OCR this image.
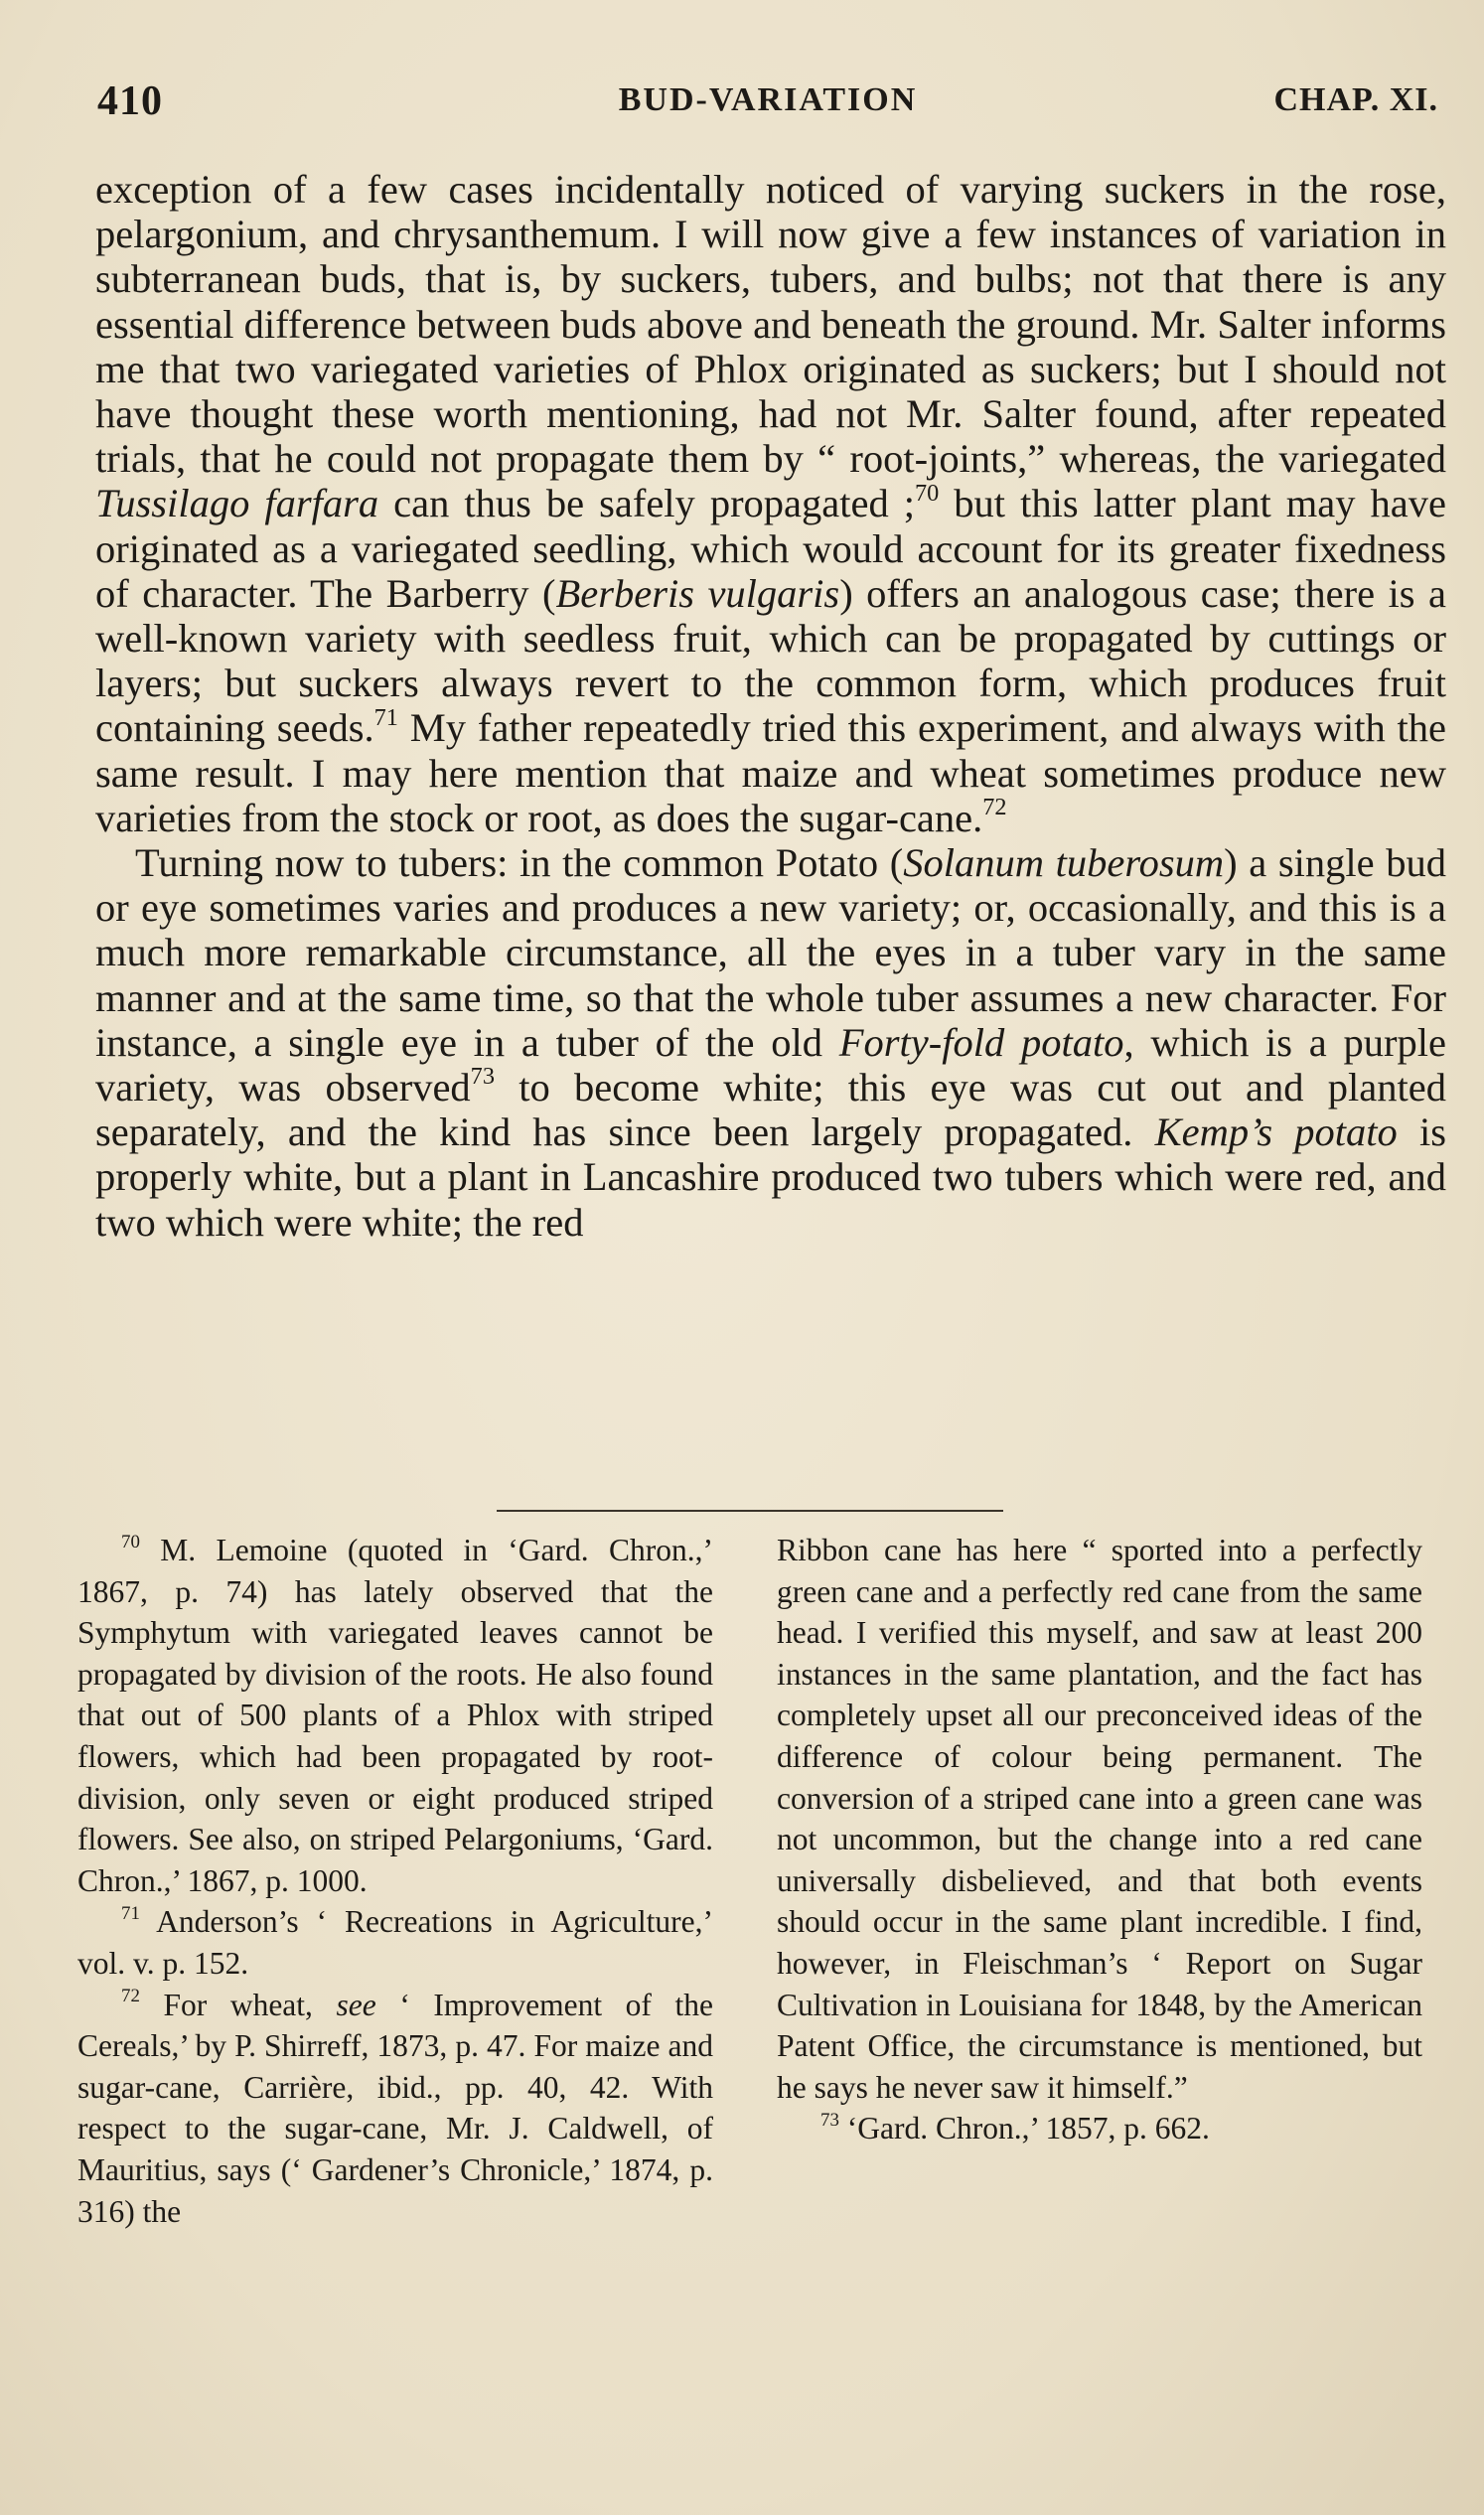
410	BUD-VARIATION	CHAP. XI.

exception of a few cases incidentally noticed of varying suckers in the rose, pelargonium, and chrysanthemum. I will now give a few instances of variation in subterranean buds, that is, by suckers, tubers, and bulbs; not that there is any essential difference between buds above and beneath the ground. Mr. Salter informs me that two variegated varieties of Phlox originated as suckers; but I should not have thought these worth mentioning, had not Mr. Salter found, after repeated trials, that he could not propagate them by “ root-joints,” whereas, the variegated Tussilago farfara can thus be safely propagated ;$^{70}$ but this latter plant may have originated as a variegated seedling, which would account for its greater fixedness of character. The Barberry (Berberis vulgaris) offers an analogous case; there is a well-known variety with seedless fruit, which can be propagated by cuttings or layers; but suckers always revert to the common form, which produces fruit containing seeds.$^{71}$ My father repeatedly tried this experiment, and always with the same result. I may here mention that maize and wheat sometimes produce new varieties from the stock or root, as does the sugar-cane.$^{72}$

Turning now to tubers: in the common Potato (Solanum tuberosum) a single bud or eye sometimes varies and produces a new variety; or, occasionally, and this is a much more remarkable circumstance, all the eyes in a tuber vary in the same manner and at the same time, so that the whole tuber assumes a new character. For instance, a single eye in a tuber of the old Forty-fold potato, which is a purple variety, was observed$^{73}$ to become white; this eye was cut out and planted separately, and the kind has since been largely propagated. Kemp’s potato is properly white, but a plant in Lancashire produced two tubers which were red, and two which were white; the red

$^{70}$ M. Lemoine (quoted in ‘Gard. Chron.,’ 1867, p. 74) has lately observed that the Symphytum with variegated leaves cannot be propagated by division of the roots. He also found that out of 500 plants of a Phlox with striped flowers, which had been propagated by root-division, only seven or eight produced striped flowers. See also, on striped Pelargoniums, ‘Gard. Chron.,’ 1867, p. 1000.

$^{71}$ Anderson’s ‘ Recreations in Agriculture,’ vol. v. p. 152.

$^{72}$ For wheat, see ‘ Improvement of the Cereals,’ by P. Shirreff, 1873, p. 47. For maize and sugar-cane, Carrière, ibid., pp. 40, 42. With respect to the sugar-cane, Mr. J. Caldwell, of Mauritius, says (‘ Gardener’s Chronicle,’ 1874, p. 316) the

Ribbon cane has here “ sported into a perfectly green cane and a perfectly red cane from the same head. I verified this myself, and saw at least 200 instances in the same plantation, and the fact has completely upset all our preconceived ideas of the difference of colour being permanent. The conversion of a striped cane into a green cane was not uncommon, but the change into a red cane universally disbelieved, and that both events should occur in the same plant incredible. I find, however, in Fleischman’s ‘ Report on Sugar Cultivation in Louisiana for 1848, by the American Patent Office, the circumstance is mentioned, but he says he never saw it himself.”

$^{73}$ ‘Gard. Chron.,’ 1857, p. 662.
